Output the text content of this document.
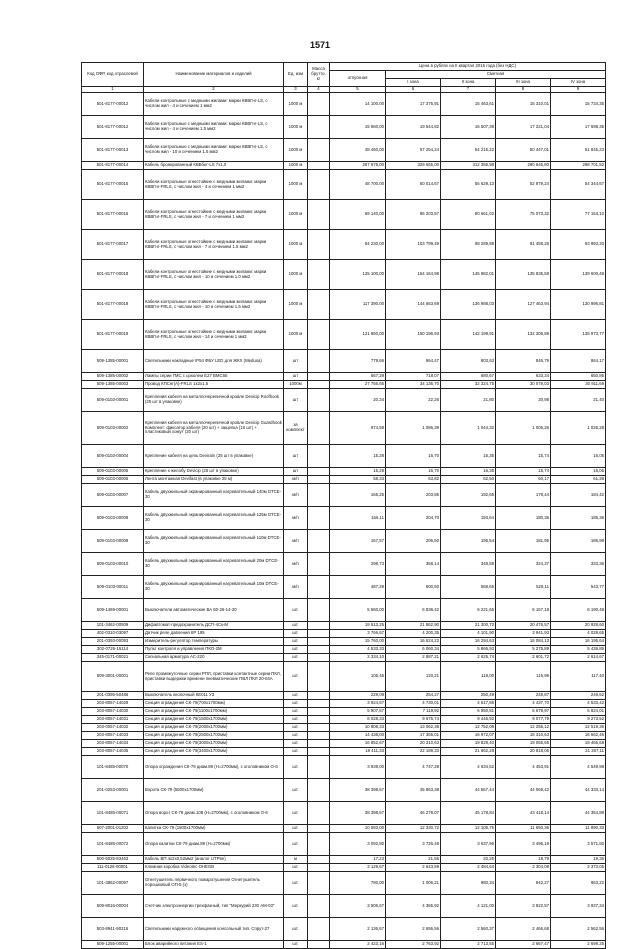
1571
Код ОФР, код отраслевой	Наименование материалов и изделий	Ед. изм	Масса брутто, кг	Цена в рублях на II квартал 2016 года (без НДС)				
				отпускная	Сметная			
					I зона	II зона	III зона	IV зона
1	2	3	4	5	6	7	8	9
501-8177-00012	Кабели контрольные с медными жилами: марки КВВГнг-LS, с числом жил - 4 и сечением 1 мм2	1000 м		14 100,00	17 375,91	15 463,61	15 310,01	15 734,35
501-8177-00012	Кабели контрольные с медными жилами: марки КВВГнг-LS, с числом жил - 4 и сечением 1.5 мм2	1000 м		15 660,00	19 544,82	16 507,39	17 221,04	17 698,35
501-8177-00013	Кабели контрольные с медными жилами: марки КВВГнг-LS, с числом жил - 10 и сечением 1.5 мм2	1000 м		48 460,00	57 254,24	54 215,22	50 447,01	51 845,23
501-8177-00014	Кабель бронированный КВБбнг-LS 7х1,0	1000 м		267 675,00	329 665,00	312 355,98	290 645,80	298 701,52
501-8177-00015	Кабели контрольные огнестойкие с медными жилами: марки КВВГнг-FRLS, с числом жил - 4 и сечением 1 мм2	1000 м		48 700,00	60 014,67	56 629,13	52 879,24	54 344,67
501-8177-00016	Кабели контрольные огнестойкие с медными жилами: марки КВВГнг-FRLS, с числом жил - 7 и сечением 1 мм2	1000 м		69 140,00	85 203,57	80 661,02	75 073,32	77 154,10
501-8177-00017	Кабели контрольные огнестойкие с медными жилами: марки КВВГнг-FRLS, с числом жил - 7 и сечением 1.5 мм2	1000 м		84 230,00	103 799,49	98 289,88	91 458,25	93 993,20
501-8177-00018	Кабели контрольные огнестойкие с медными жилами: марки КВВГнг-FRLS, с числом жил - 10 и сечением 1.0 мм2	1000 м		125 100,00	154 164,98	145 982,01	135 835,58	139 600,49
501-8177-00018	Кабели контрольные огнестойкие с медными жилами: марки КВВГнг-FRLS, с числом жил - 10 и сечением 1.5 мм2	1000 м		117 390,00	144 663,69	136 988,03	127 463,94	130 996,81
501-8177-00019	Кабели контрольные огнестойкие с медными жилами: марки КВВГнг-FRLS, с числом жил - 14 и сечением 1 мм2	1000 м		121 860,00	150 196,93	142 199,91	132 306,88	135 973,77
509-1385-00001	Светильники накладные IP54 ФБУ LED для ЖКХ (Medusa)	шт		779,66	964,47	903,63	846,79	864,17
509-1385-00002	Лампы серии ГМС с цоколем Е27 ВМС66	шт		567,29	718,07	680,67	633,34	650,85
509-1385-00003	Провод КПСнг(А)-FRLS 1х2х1,5	1000м		27 756,65	34 136,70	32 324,75	30 078,03	30 911,69
509-0103-00001	Крепления кабеля на металлочерепичной кровле Devicip Roofhook (25 шт в упаковке)	шт		20,34	22,26	21,80	20,98	21,40
509-0103-00002	Крепления кабеля на металлочерепичной кровле Devicip Guardhook Комплект: фиксатор кабеля (20 шт) + защелка (10 шт) + пластиковый хомут (20 шт)	за комплект		974,58	1 086,39	1 044,32	1 005,26	1 025,28
509-0103-00004	Крепление кабеля на цепь Devirain (25 шт в упаковке)	шт		15,28	16,70	16,35	15,74	16,05
509-0103-00005	Крепление к желобу Devicip (25 шт в упаковке)	шт		15,28	16,70	16,35	15,74	16,05
509-0103-00006	Лента монтажная Devifast (в упаковке 25 м)	м/п		58,33	63,82	62,50	60,17	61,38
509-0103-00007	Кабель двухжильный экранированный нагревательный 140м DTCE-30	м/п		165,25	203,86	192,65	179,44	184,42
509-0103-00008	Кабель двухжильный экранированный нагревательный 125м DTCE-30	м/п		166,11	204,70	193,64	180,36	185,36
509-0103-00009	Кабель двухжильный экранированный нагревательный 110м DTCE-30	м/п		167,57	206,50	195,54	181,95	186,99
509-0103-00010	Кабель двухжильный экранированный нагревательный 20м DTCE-30	м/п		298,73	368,14	348,58	324,37	333,36
509-0103-00011	Кабель двухжильный экранированный нагревательный 10м DTCE-30	м/п		487,29	600,50	568,65	529,11	543,77
509-1469-00001	Выключатели автоматические ВА 60-26-14-20	шт.		5 560,00	6 836,42	6 221,65	6 167,18	6 190,49
101-3462-00509	Дифавтомат-предохранитель ДСП-4Ск-М	шт.		19 513,25	21 862,90	21 300,72	20 475,57	20 928,60
402-0310-03097	Датчик реле давления КР 195	шт.		3 766,67	4 200,35	4 101,90	3 941,93	4 028,65
201-0393-00093	Измеритель-регулятор температуры	шт.		15 760,00	16 624,22	16 294,63	16 084,13	16 195,64
302-0726-15114	Пульт контроля и управления ПКО-2М	шт.		4 533,33	6 060,34	5 866,93	5 275,89	5 436,89
345-0171-00021	Сигнальная арматура АС-220	шт.		2 334,10	2 887,21	2 625,74	2 601,72	2 614,67
509-3001-00001	Реле промежуточные серии РПЛ, приставки контактные серии ПКЛ, приставки выдержки времени пневматические ПВЛ ПКЛ 20-04А	шт.		105,45	120,21	118,00	115,96	117,40
201-0395-50486	Выключатель кнопочный КЕ011 УЗ	шт.		229,09	254,27	250,49	248,87	249,62
203-8057-14029	Секция ограждения СК-79(700х1700мм)	шт.		3 924,67	4 730,01	4 617,86	4 437,70	4 533,42
203-8057-14030	Секция ограждения СК-79(1100х1700мм)	шт.		5 907,67	7 119,92	6 950,81	6 679,97	6 824,01
203-8057-14031	Секция ограждения СК-79(1500х1700мм)	шт.		8 028,33	9 675,74	9 445,92	9 077,79	9 273,52
203-0057-14032	Секция ограждения СК-79(2000х1700мм)	шт.		10 808,33	13 062,35	12 752,09	12 255,12	12 519,36
203-8057-14033	Секция ограждения СК-79(2500х1700мм)	шт.		14 435,00	17 365,01	16 972,07	16 310,63	16 662,46
203-8057-14034	Секция ограждения СК-79(3000х1700мм)	шт.		16 852,67	20 310,63	19 828,40	19 055,65	19 466,68
203-8057-14035	Секция ограждения СК-79(3400х1700мм)	шт.		18 411,33	22 189,33	21 662,28	20 818,06	21 267,11
101-8485-00070	Опора ограждения СК-79 диам.89 (Н=2700мм), с оголовником О-6	шт.		3 939,00	4 747,28	4 634,52	4 453,91	4 549,98
201-0253-00001	Ворота СК-79 (5500х1700мм)	шт.		38 398,67	45 863,38	44 567,44	44 069,42	44 333,14
101-8485-00071	Опора ворот СК-79 диам.108 (Н=2700мм), с оголовником О-6	шт.		38 398,67	46 278,07	45 178,84	43 418,14	44 354,88
507-2001-01202	Калитка СК-79 (1500х1700мм)	шт.		10 593,00	12 330,72	12 105,75	11 650,36	11 890,33
101-8485-00072	Опора калитки СК-79 диам.89 (Н=2700мм)	шт.		3 092,80	3 726,48	3 637,96	3 496,19	3 571,60
500-5025-83463	Кабель ВП 4х2х0,52мм2 (аналог UTP5e)	м		17,23	21,55	20,25	18,79	19,35
111-0126-00001	Клемная коробка Videotec OHEGB	шт.		2 129,67	2 643,59	2 484,64	2 304,08	2 373,05
101-3862-00097	Огнетушитель первичного пожаротушения Огнетушитель порошковый ОП-5 (з)	шт.		780,00	1 006,21	980,34	942,27	963,22
509-8016-00004	Счетчик электроэнергии трехфазный, тип "Меркурий 230 АМ-03"	шт.		3 506,67	4 365,92	4 121,00	3 822,57	3 937,34
503-8941-90216	Светильники наружного освещения консольный тип. Спрут-27	шт.		2 136,67	2 656,56	2 560,37	2 466,68	2 562,56
509-1255-00001	Блок аварийного питания ES-1	шт.		2 423,16	2 763,92	2 713,55	2 667,47	2 699,25
